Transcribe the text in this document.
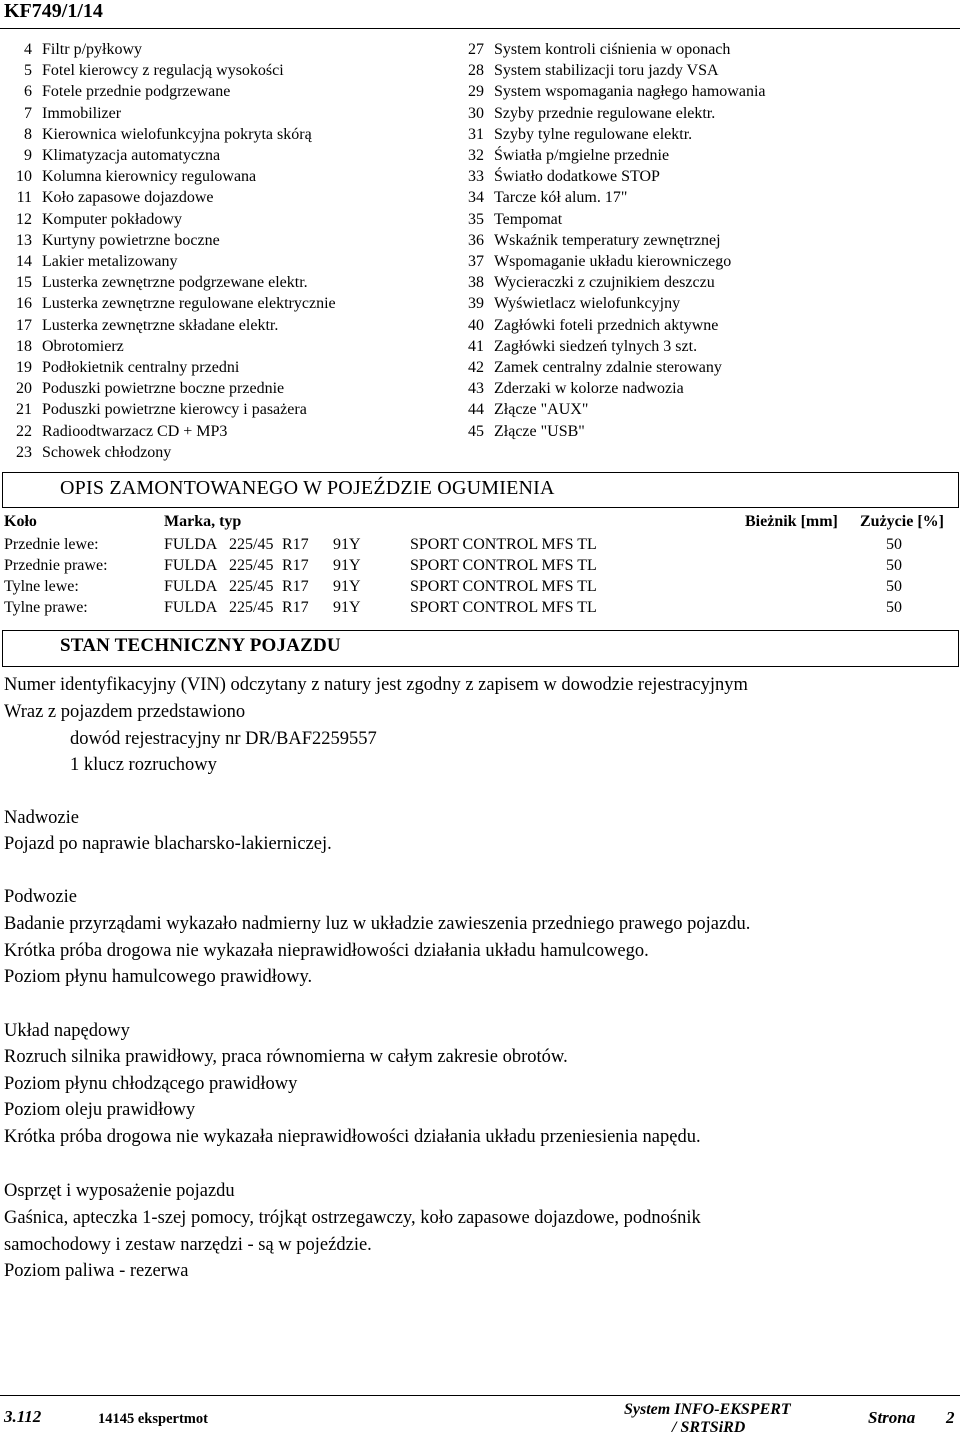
KF749/1/14
4 Filtr p/pyłkowy
5 Fotel kierowcy z regulacją wysokości
6 Fotele przednie podgrzewane
7 Immobilizer
8 Kierownica wielofunkcyjna pokryta skórą
9 Klimatyzacja automatyczna
10 Kolumna kierownicy regulowana
11 Koło zapasowe dojazdowe
12 Komputer pokładowy
13 Kurtyny powietrzne boczne
14 Lakier metalizowany
15 Lusterka zewnętrzne podgrzewane elektr.
16 Lusterka zewnętrzne regulowane elektrycznie
17 Lusterka zewnętrzne składane elektr.
18 Obrotomierz
19 Podłokietnik centralny przedni
20 Poduszki powietrzne boczne przednie
21 Poduszki powietrzne kierowcy i pasażera
22 Radioodtwarzacz CD + MP3
23 Schowek chłodzony
27 System kontroli ciśnienia w oponach
28 System stabilizacji toru jazdy VSA
29 System wspomagania nagłego hamowania
30 Szyby przednie regulowane elektr.
31 Szyby tylne regulowane elektr.
32 Światła p/mgielne przednie
33 Światło dodatkowe STOP
34 Tarcze kół alum. 17"
35 Tempomat
36 Wskaźnik temperatury zewnętrznej
37 Wspomaganie układu kierowniczego
38 Wycieraczki z czujnikiem deszczu
39 Wyświetlacz wielofunkcyjny
40 Zagłówki foteli przednich aktywne
41 Zagłówki siedzeń tylnych 3 szt.
42 Zamek centralny zdalnie sterowany
43 Zderzaki w kolorze nadwozia
44 Złącze "AUX"
45 Złącze "USB"
OPIS ZAMONTOWANEGO W POJEŹDZIE OGUMIENIA
Koło	Marka, typ	Bieżnik [mm] Zużycie [%]
Przednie lewe:	FULDA 225/45 R17 91Y	SPORT CONTROL MFS TL	50
Przednie prawe:	FULDA 225/45 R17 91Y	SPORT CONTROL MFS TL	50
Tylne lewe:	FULDA 225/45 R17 91Y	SPORT CONTROL MFS TL	50
Tylne prawe:	FULDA 225/45 R17 91Y	SPORT CONTROL MFS TL	50
STAN TECHNICZNY POJAZDU
Numer identyfikacyjny (VIN) odczytany z natury jest zgodny z zapisem w dowodzie rejestracyjnym
Wraz z pojazdem przedstawiono
dowód rejestracyjny nr DR/BAF2259557
1 klucz rozruchowy
Nadwozie
Pojazd po naprawie blacharsko-lakierniczej.
Podwozie
Badanie przyrządami wykazało nadmierny luz w układzie zawieszenia przedniego prawego pojazdu.
Krótka próba drogowa nie wykazała nieprawidłowości działania układu hamulcowego.
Poziom płynu hamulcowego prawidłowy.
Układ napędowy
Rozruch silnika prawidłowy, praca równomierna w całym zakresie obrotów.
Poziom płynu chłodzącego prawidłowy
Poziom oleju prawidłowy
Krótka próba drogowa nie wykazała nieprawidłowości działania układu przeniesienia napędu.
Osprzęt i wyposażenie pojazdu
Gaśnica, apteczka 1-szej pomocy, trójkąt ostrzegawczy, koło zapasowe dojazdowe, podnośnik
samochodowy i zestaw narzędzi - są w pojeździe.
Poziom paliwa - rezerwa
3.112	14145 ekspertmot
System INFO-EKSPERT
/ SRTSiRD
Strona 2
